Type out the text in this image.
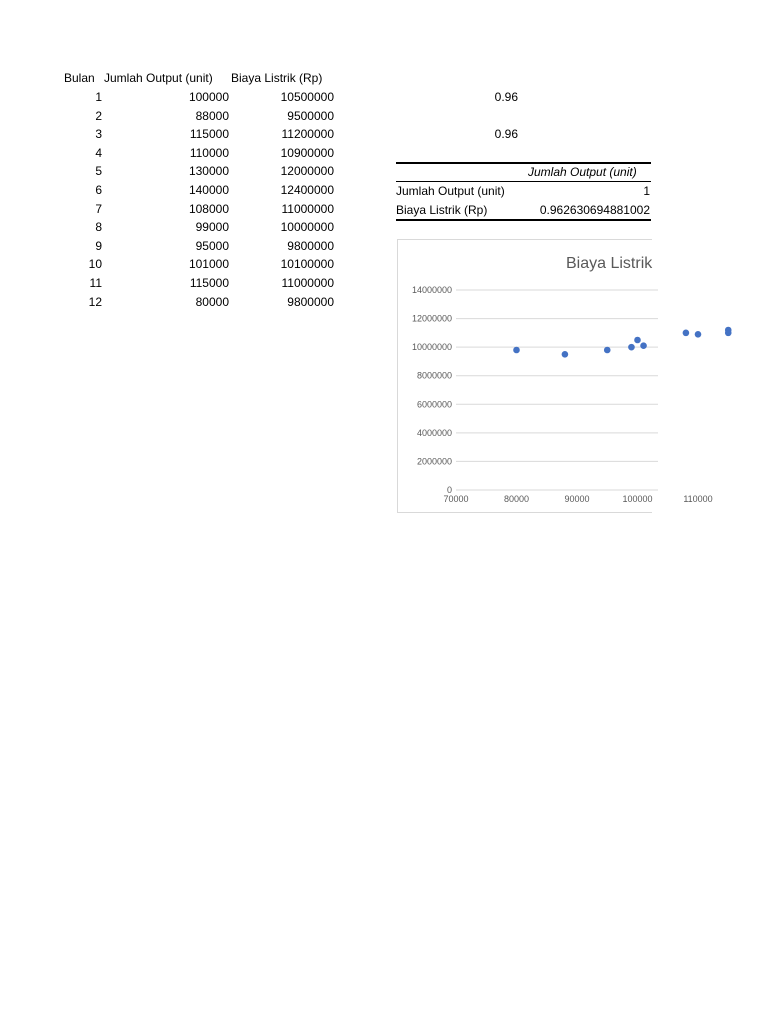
Bulan Jumlah Output (unit) Biaya Listrik (Rp)
1	100000	10500000
2	88000	9500000
3	115000	11200000
4	110000	10900000
5	130000	12000000
6	140000	12400000
7	108000	11000000
8	99000	10000000
9	95000	9800000
10	101000	10100000
11	115000	11000000
12	80000	9800000
0.96
0.96
Jumlah Output (unit)
Jumlah Output (unit)	1
Biaya Listrik (Rp)	0.962630694881002
Biaya Listrik
0
2000000
4000000
6000000
8000000
10000000
12000000
14000000
70000	80000	90000	100000	110000
